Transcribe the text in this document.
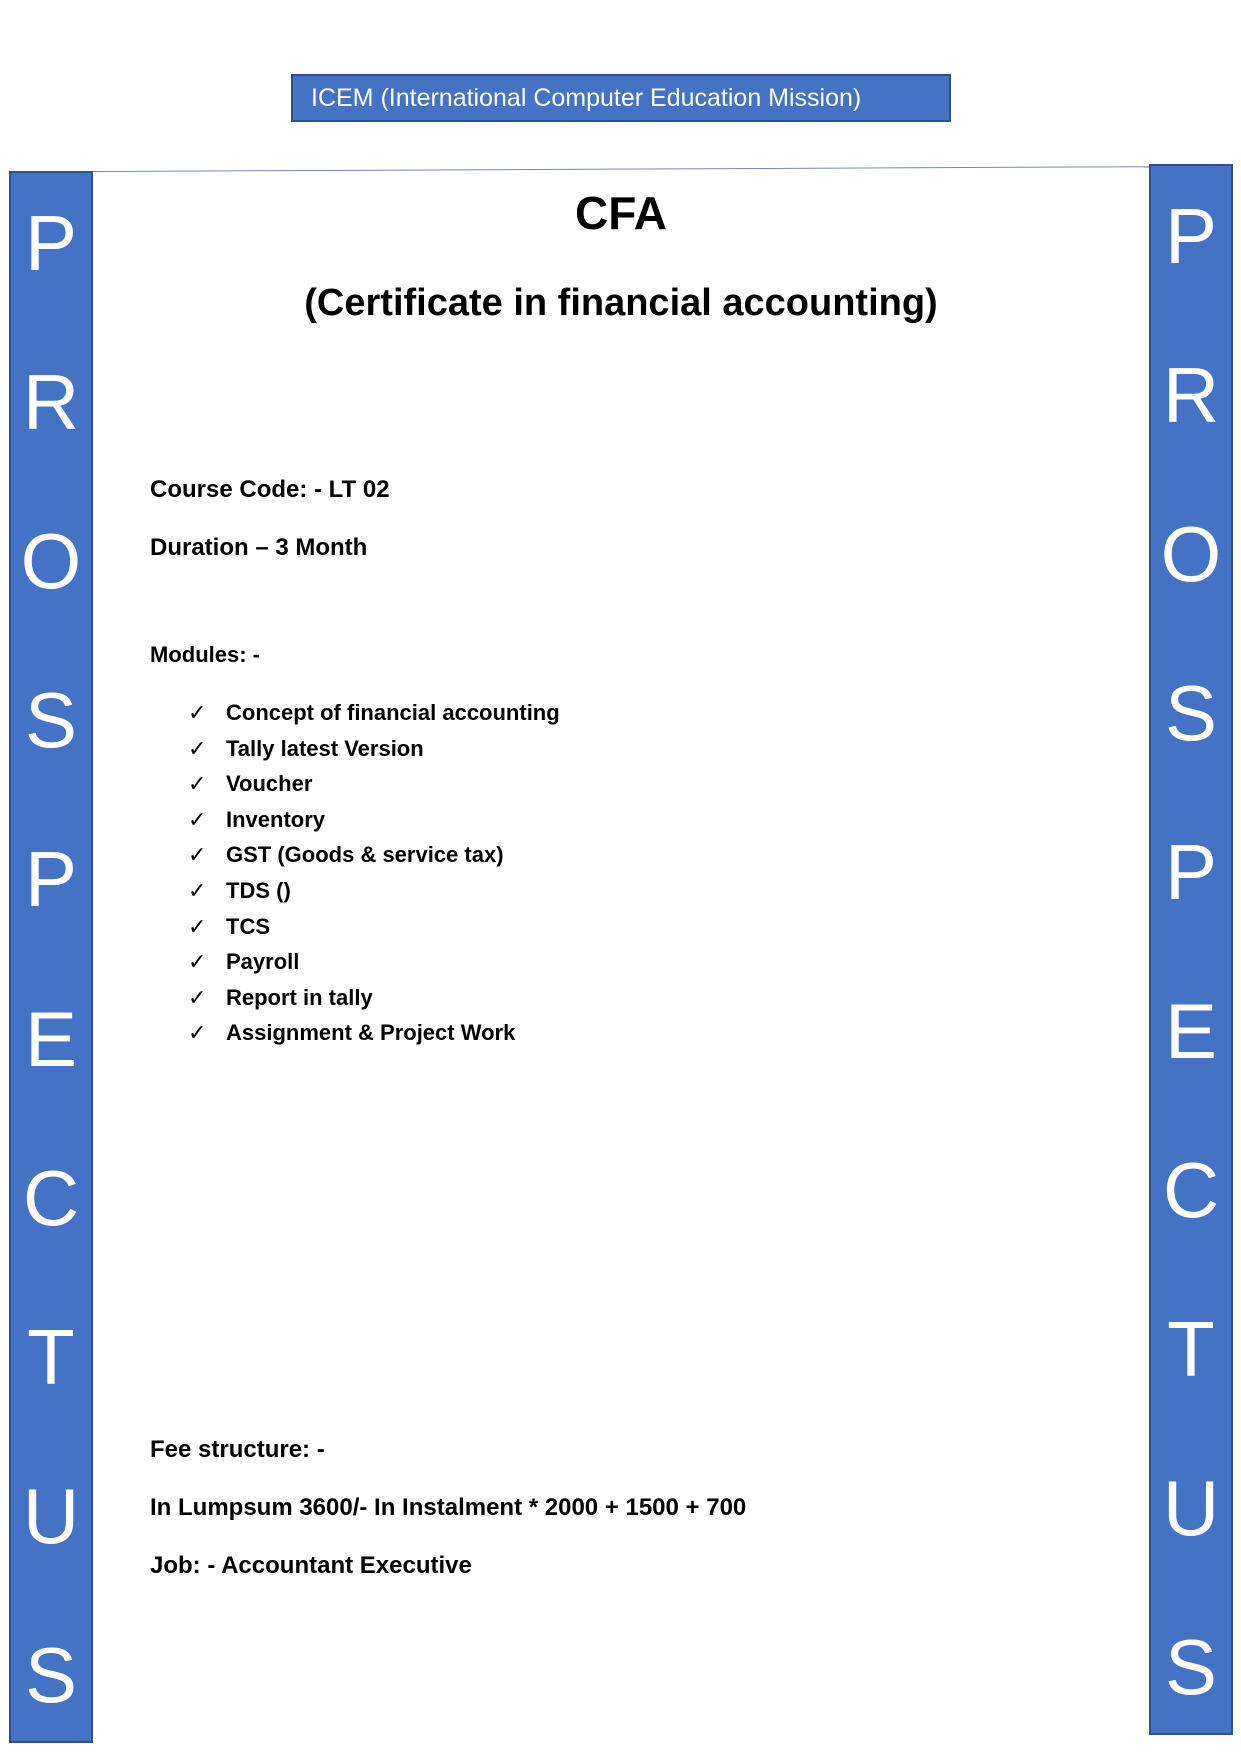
ICEM (International Computer Education Mission)
P
R
O
S
P
E
C
T
U
S
P
R
O
S
P
E
C
T
U
S
CFA
(Certificate in financial accounting)
Course Code: - LT 02
Duration – 3 Month
Modules: -
✓ Concept of financial accounting
✓ Tally latest Version
✓ Voucher
✓ Inventory
✓ GST (Goods & service tax)
✓ TDS ()
✓ TCS
✓ Payroll
✓ Report in tally
✓ Assignment & Project Work
Fee structure: -
In Lumpsum 3600/- In Instalment * 2000 + 1500 + 700
Job: - Accountant Executive
